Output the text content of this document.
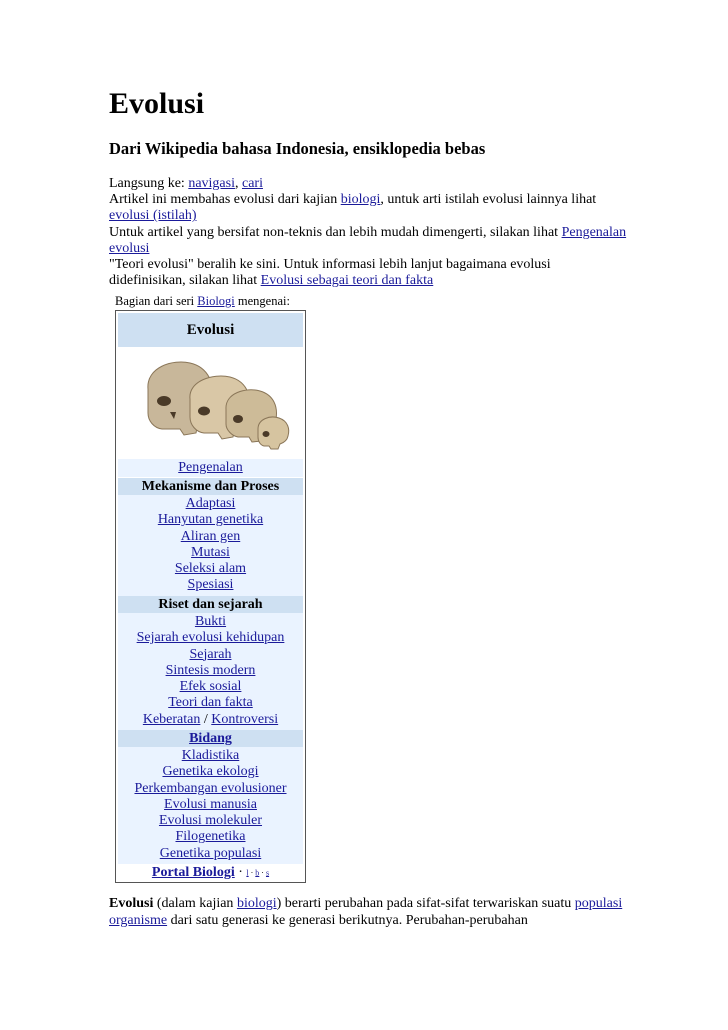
Evolusi
Dari Wikipedia bahasa Indonesia, ensiklopedia bebas

Langsung ke: navigasi, cari

Artikel ini membahas evolusi dari kajian biologi, untuk arti istilah evolusi lainnya lihat evolusi (istilah)

Untuk artikel yang bersifat non-teknis dan lebih mudah dimengerti, silakan lihat Pengenalan evolusi

"Teori evolusi" beralih ke sini. Untuk informasi lebih lanjut bagaimana evolusi didefinisikan, silakan lihat Evolusi sebagai teori dan fakta

Bagian dari seri Biologi mengenai:
Evolusi
Pengenalan
Mekanisme dan Proses
Adaptasi
Hanyutan genetika
Aliran gen
Mutasi
Seleksi alam
Spesiasi
Riset dan sejarah
Bukti
Sejarah evolusi kehidupan
Sejarah
Sintesis modern
Efek sosial
Teori dan fakta
Keberatan / Kontroversi
Bidang
Kladistika
Genetika ekologi
Perkembangan evolusioner
Evolusi manusia
Evolusi molekuler
Filogenetika
Genetika populasi
Portal Biologi · l · b · s

Evolusi (dalam kajian biologi) berarti perubahan pada sifat-sifat terwariskan suatu populasi organisme dari satu generasi ke generasi berikutnya. Perubahan-perubahan
